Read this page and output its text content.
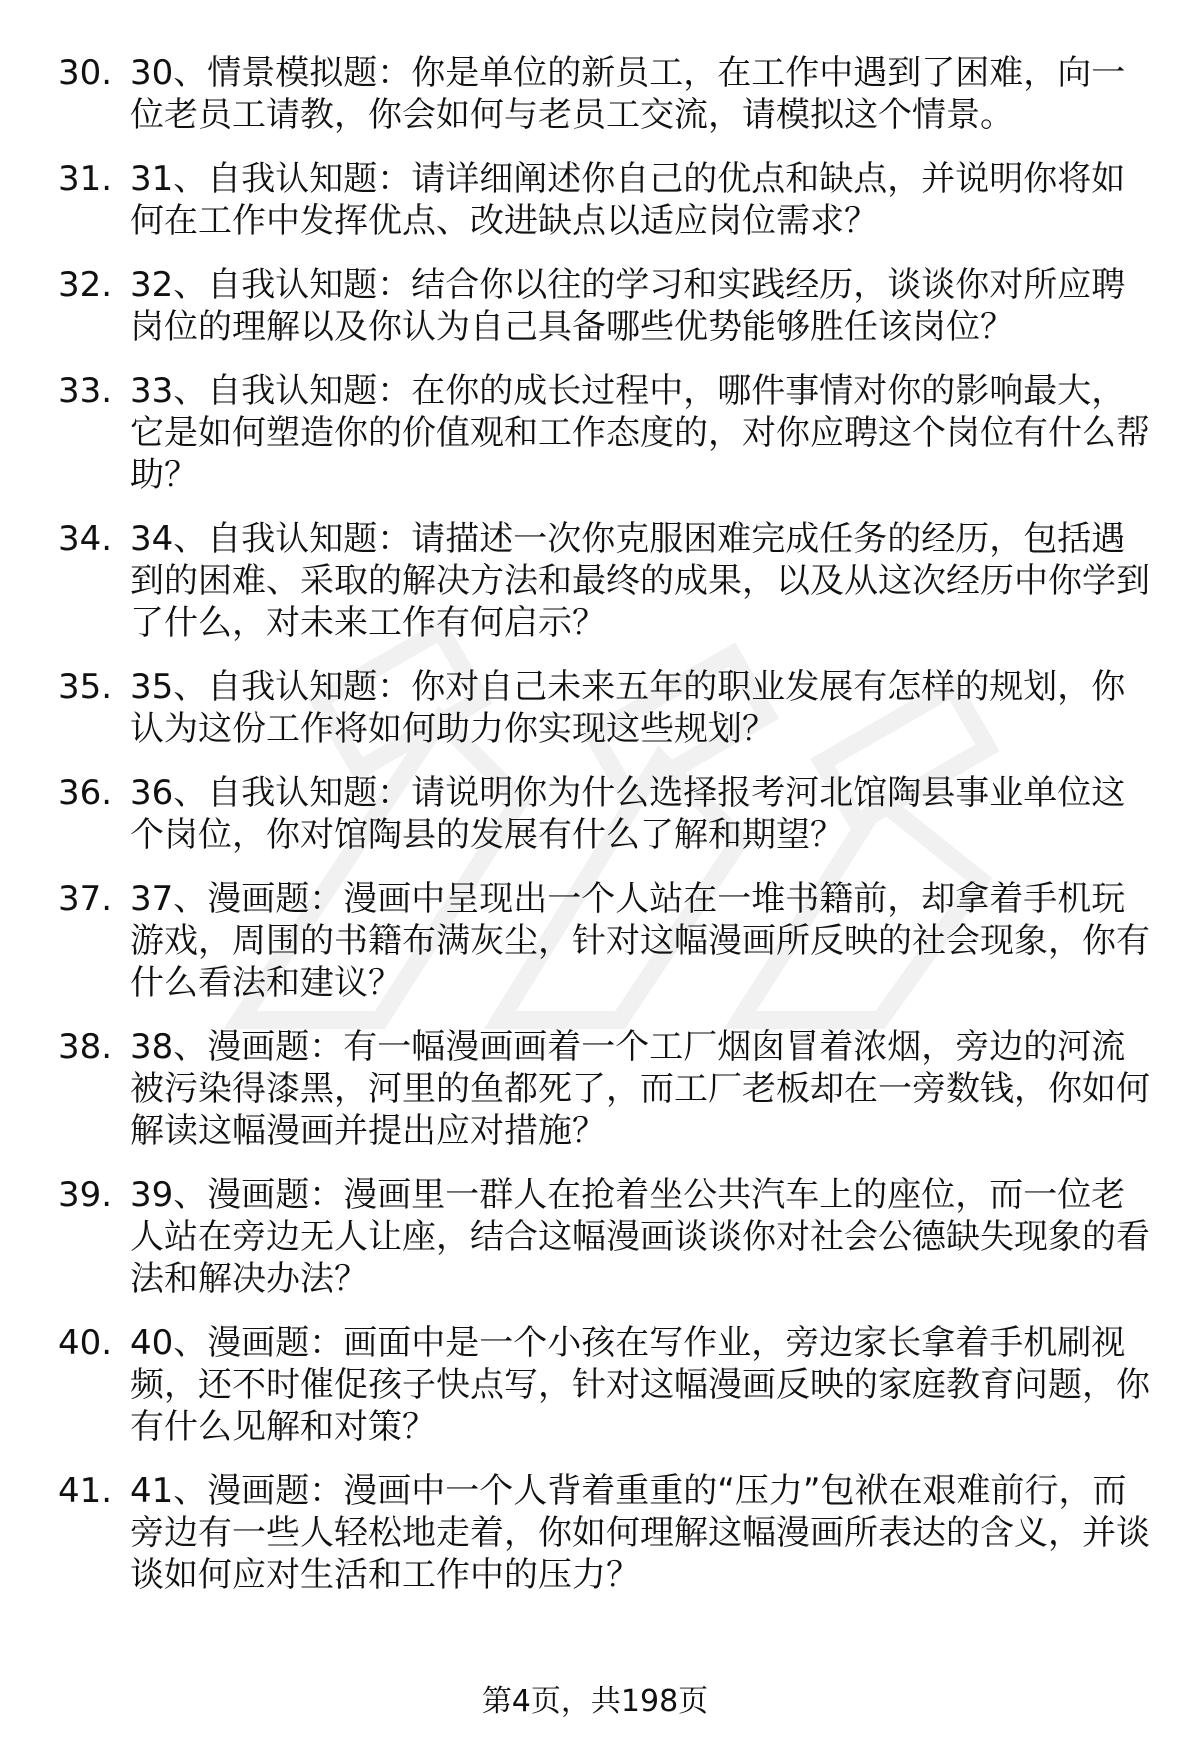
30. 30、情景模拟题：你是单位的新员工，在工作中遇到了困难，向一位老员工请教，你会如何与老员工交流，请模拟这个情景。
31. 31、自我认知题：请详细阐述你自己的优点和缺点，并说明你将如何在工作中发挥优点、改进缺点以适应岗位需求？
32. 32、自我认知题：结合你以往的学习和实践经历，谈谈你对所应聘岗位的理解以及你认为自己具备哪些优势能够胜任该岗位？
33. 33、自我认知题：在你的成长过程中，哪件事情对你的影响最大，它是如何塑造你的价值观和工作态度的，对你应聘这个岗位有什么帮助？
34. 34、自我认知题：请描述一次你克服困难完成任务的经历，包括遇到的困难、采取的解决方法和最终的成果，以及从这次经历中你学到了什么，对未来工作有何启示？
35. 35、自我认知题：你对自己未来五年的职业发展有怎样的规划，你认为这份工作将如何助力你实现这些规划？
36. 36、自我认知题：请说明你为什么选择报考河北馆陶县事业单位这个岗位，你对馆陶县的发展有什么了解和期望？
37. 37、漫画题：漫画中呈现出一个人站在一堆书籍前，却拿着手机玩游戏，周围的书籍布满灰尘，针对这幅漫画所反映的社会现象，你有什么看法和建议？
38. 38、漫画题：有一幅漫画画着一个工厂烟囱冒着浓烟，旁边的河流被污染得漆黑，河里的鱼都死了，而工厂老板却在一旁数钱，你如何解读这幅漫画并提出应对措施？
39. 39、漫画题：漫画里一群人在抢着坐公共汽车上的座位，而一位老人站在旁边无人让座，结合这幅漫画谈谈你对社会公德缺失现象的看法和解决办法？
40. 40、漫画题：画面中是一个小孩在写作业，旁边家长拿着手机刷视频，还不时催促孩子快点写，针对这幅漫画反映的家庭教育问题，你有什么见解和对策？
41. 41、漫画题：漫画中一个人背着重重的“压力”包袱在艰难前行，而旁边有一些人轻松地走着，你如何理解这幅漫画所表达的含义，并谈谈如何应对生活和工作中的压力？
第4页，共198页
